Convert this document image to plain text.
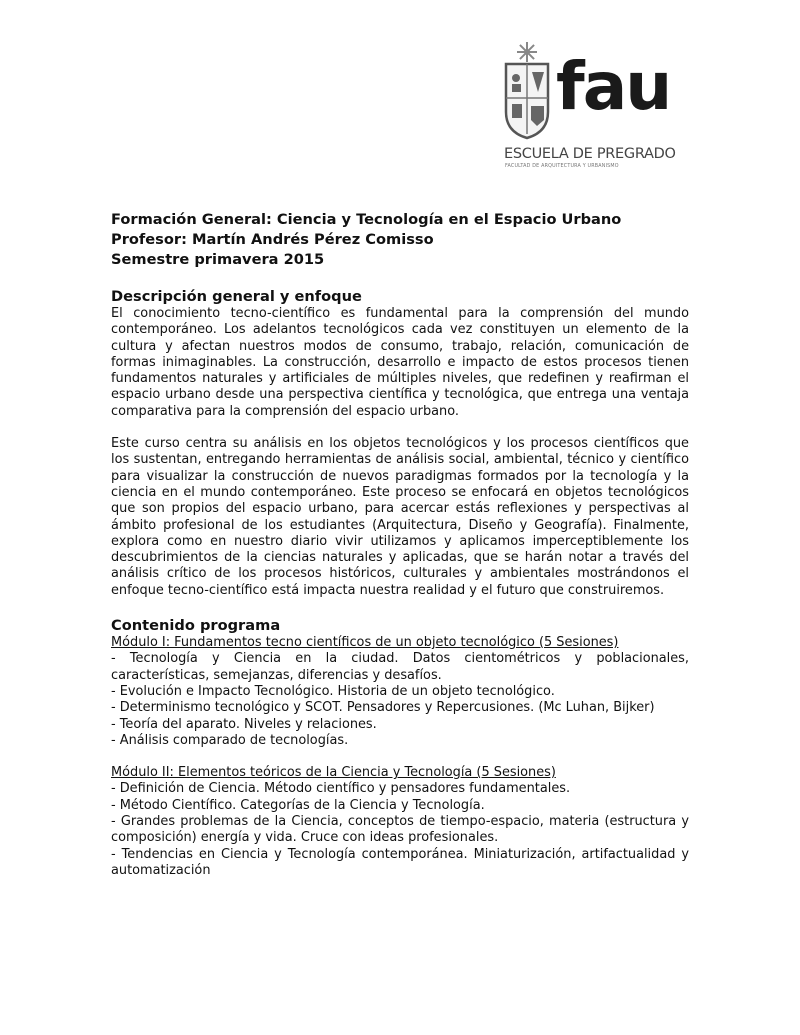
fau
ESCUELA DE PREGRADO
FACULTAD DE ARQUITECTURA Y URBANISMO
Formación General: Ciencia y Tecnología en el Espacio Urbano
Profesor: Martín Andrés Pérez Comisso
Semestre primavera 2015
Descripción general y enfoque

El conocimiento tecno-científico es fundamental para la comprensión del mundo contemporáneo. Los adelantos tecnológicos cada vez constituyen un elemento de la cultura y afectan nuestros modos de consumo, trabajo, relación, comunicación de formas inimaginables. La construcción, desarrollo e impacto de estos procesos tienen fundamentos naturales y artificiales de múltiples niveles, que redefinen y reafirman el espacio urbano desde una perspectiva científica y tecnológica, que entrega una ventaja comparativa para la comprensión del espacio urbano.

Este curso centra su análisis en los objetos tecnológicos y los procesos científicos que los sustentan, entregando herramientas de análisis social, ambiental, técnico y científico para visualizar la construcción de nuevos paradigmas formados por la tecnología y la ciencia en el mundo contemporáneo. Este proceso se enfocará en objetos tecnológicos que son propios del espacio urbano, para acercar estás reflexiones y perspectivas al ámbito profesional de los estudiantes (Arquitectura, Diseño y Geografía). Finalmente, explora como en nuestro diario vivir utilizamos y aplicamos imperceptiblemente los descubrimientos de la ciencias naturales y aplicadas, que se harán notar a través del análisis crítico de los procesos históricos, culturales y ambientales mostrándonos el enfoque tecno-científico está impacta nuestra realidad y el futuro que construiremos.

Contenido programa
Módulo I: Fundamentos tecno científicos de un objeto tecnológico (5 Sesiones)
- Tecnología y Ciencia en la ciudad. Datos cientométricos y poblacionales, características, semejanzas, diferencias y desafíos.
- Evolución e Impacto Tecnológico. Historia de un objeto tecnológico.
- Determinismo tecnológico y SCOT. Pensadores y Repercusiones. (Mc Luhan, Bijker)
- Teoría del aparato. Niveles y relaciones.
- Análisis comparado de tecnologías.
Módulo II: Elementos teóricos de la Ciencia y Tecnología (5 Sesiones)
- Definición de Ciencia. Método científico y pensadores fundamentales.
- Método Científico. Categorías de la Ciencia y Tecnología.
- Grandes problemas de la Ciencia, conceptos de tiempo-espacio, materia (estructura y composición) energía y vida. Cruce con ideas profesionales.
- Tendencias en Ciencia y Tecnología contemporánea. Miniaturización, artifactualidad y automatización
